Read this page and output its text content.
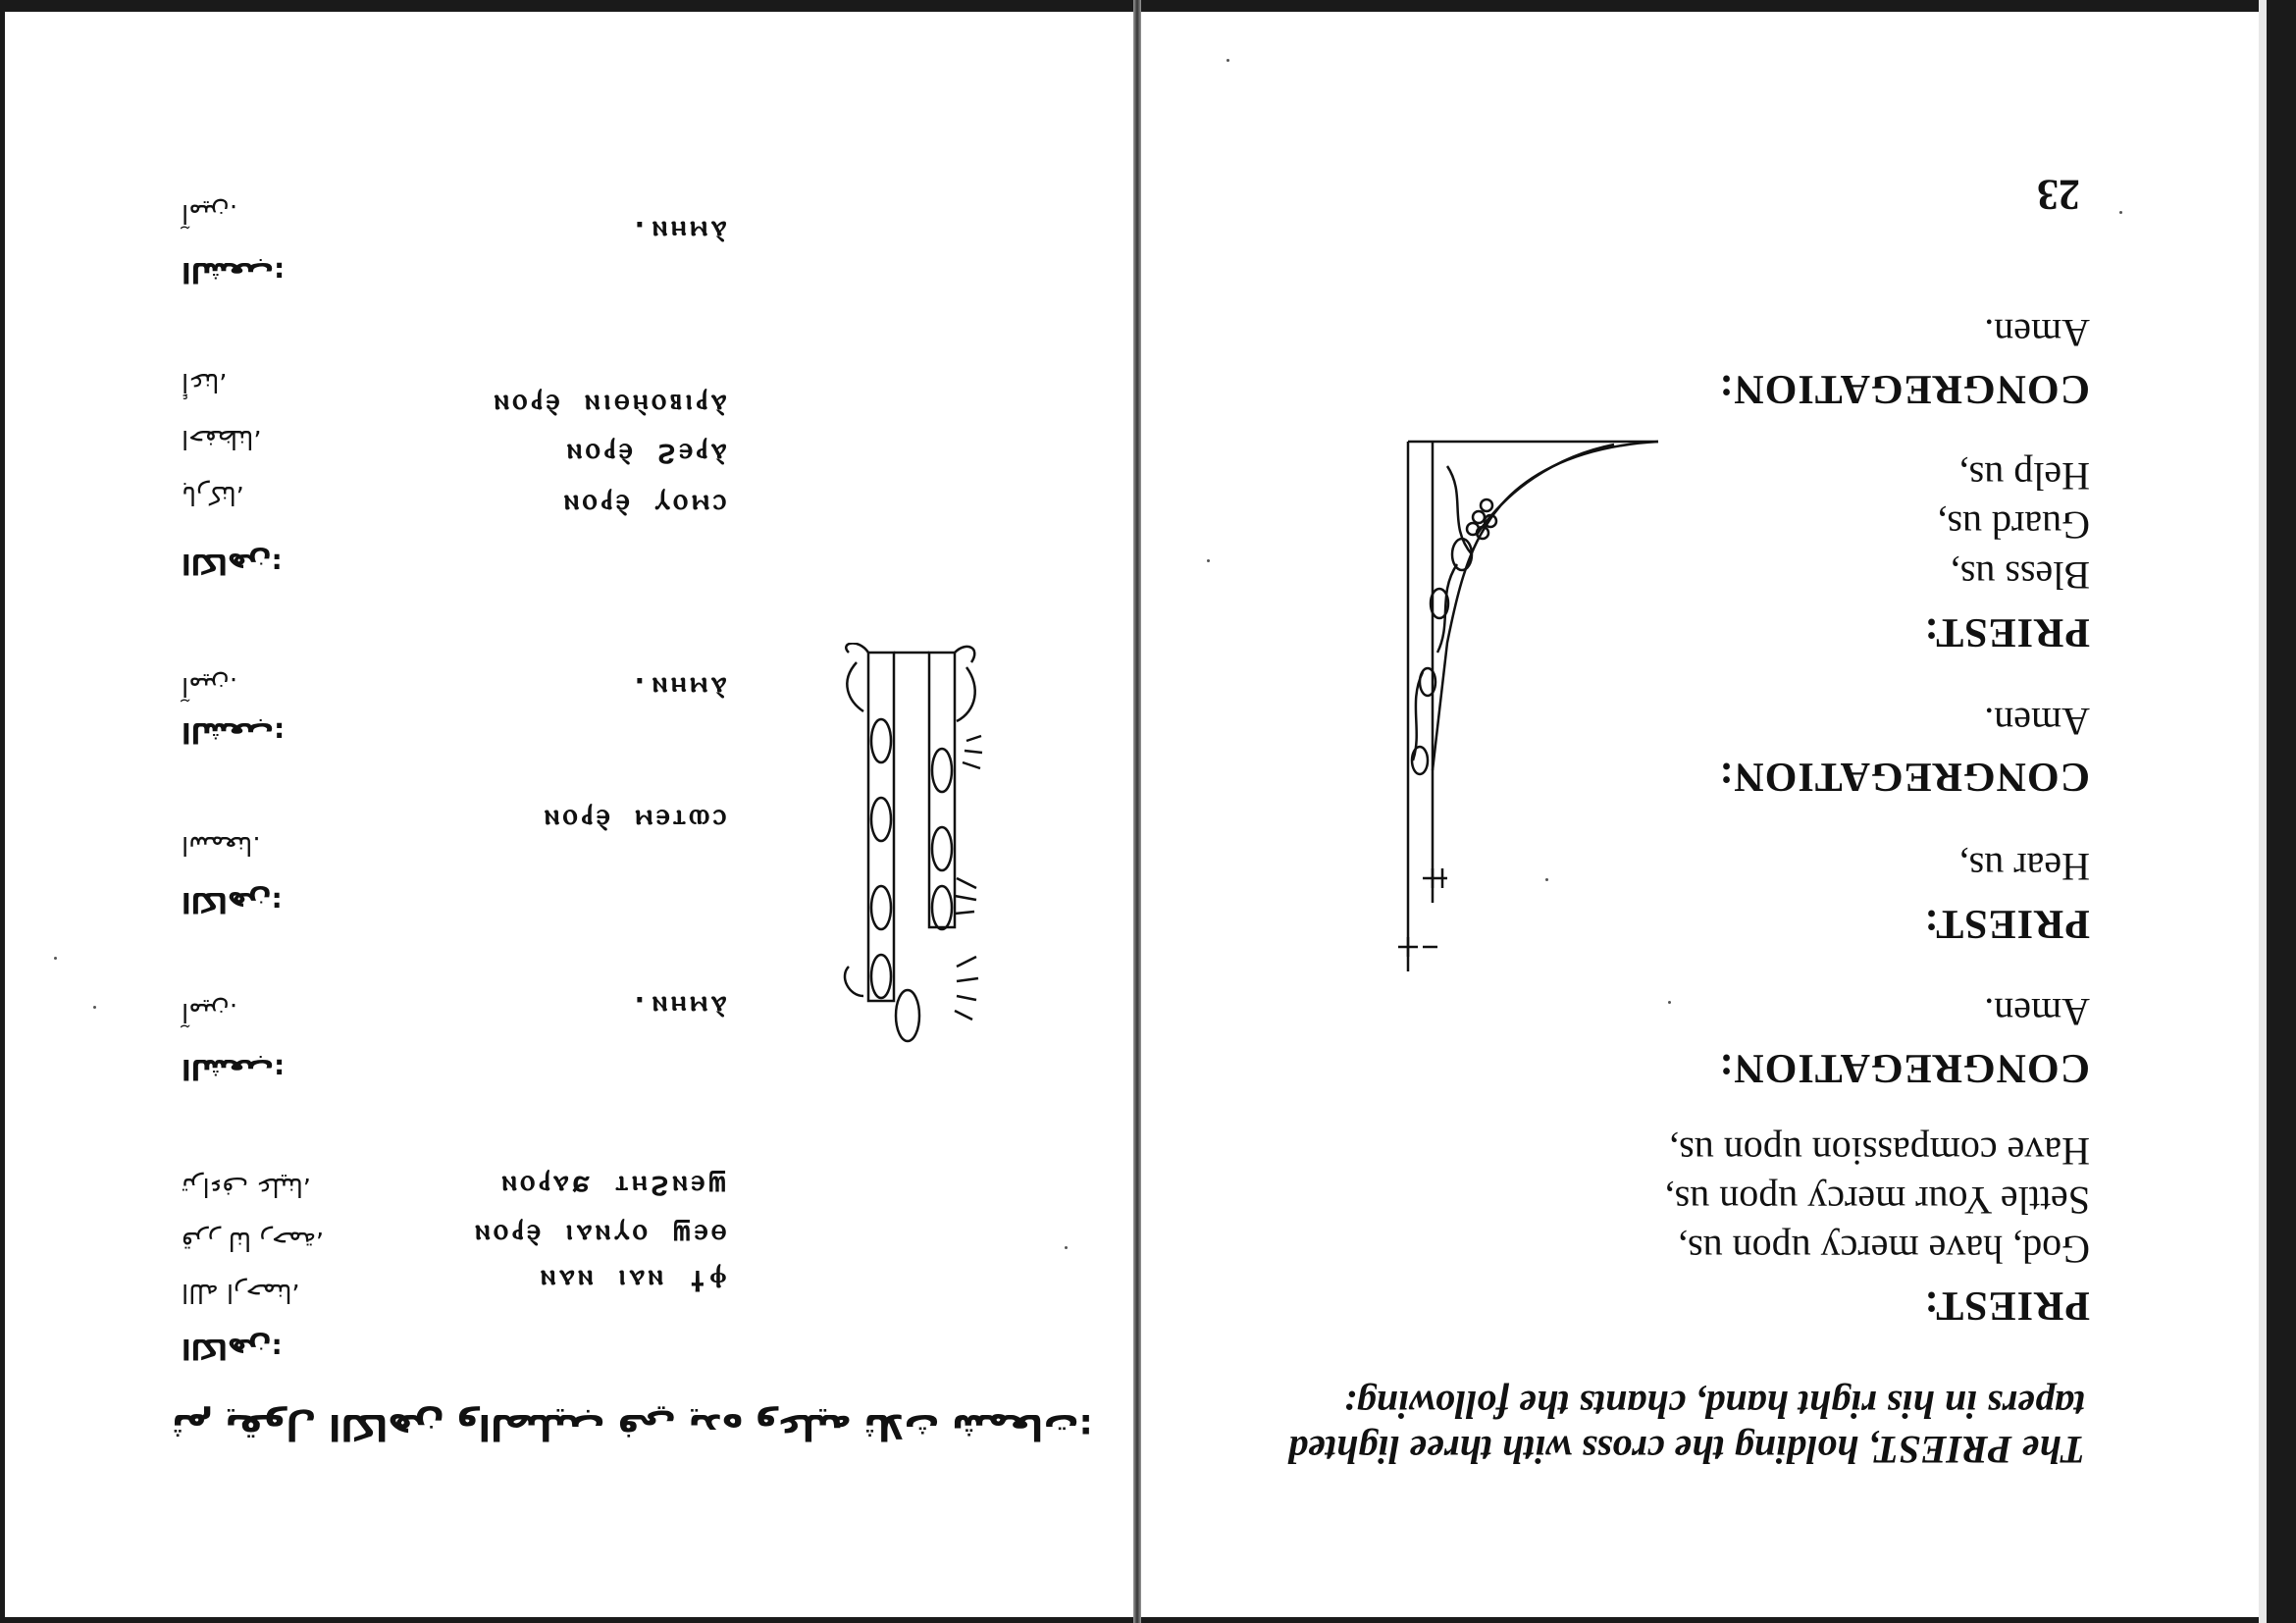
23
The PRIEST, holding the cross with three lighted tapers in his right hand, chants the following:
PRIEST:
God, have mercy upon us,
Settle Your mercy upon us,
Have compassion upon us,
CONGREGATION:
Amen.
PRIEST:
Hear us,
CONGREGATION:
Amen.
PRIEST:
Bless us,
Guard us,
Help us,
CONGREGATION:
Amen.
ثم يقول الكاهن والصليب في يده وعليه ثلاث شمعات:
ⲫϯ ⲛⲁⲓ ⲛⲁⲛ
ⲑⲉϣ ⲟⲩⲛⲁⲓ ⲉ̀ⲣⲟⲛ
ϣⲉⲛϩⲏⲧ ϧⲁⲣⲟⲛ
ⲁ̀ⲙⲏⲛ.
ⲥⲱⲧⲉⲙ ⲉ̀ⲣⲟⲛ
ⲁ̀ⲙⲏⲛ.
ⲥⲙⲟⲩ ⲉ̀ⲣⲟⲛ
ⲁ̀ⲣⲉϩ ⲉ̀ⲣⲟⲛ
ⲁ̀ⲣⲓⲃⲟⲏ̀ⲑⲓⲛ ⲉ̀ⲣⲟⲛ
ⲁ̀ⲙⲏⲛ.
الكاهن:
الله ارحمنا،
قرر لنا رحمة،
تراءف علينا،
الشعب:
آمين.
الكاهن:
اسمعنا.
الشعب:
آمين.
الكاهن:
باركنا،
احفظنا،
أعنا،
الشعب:
آمين.
